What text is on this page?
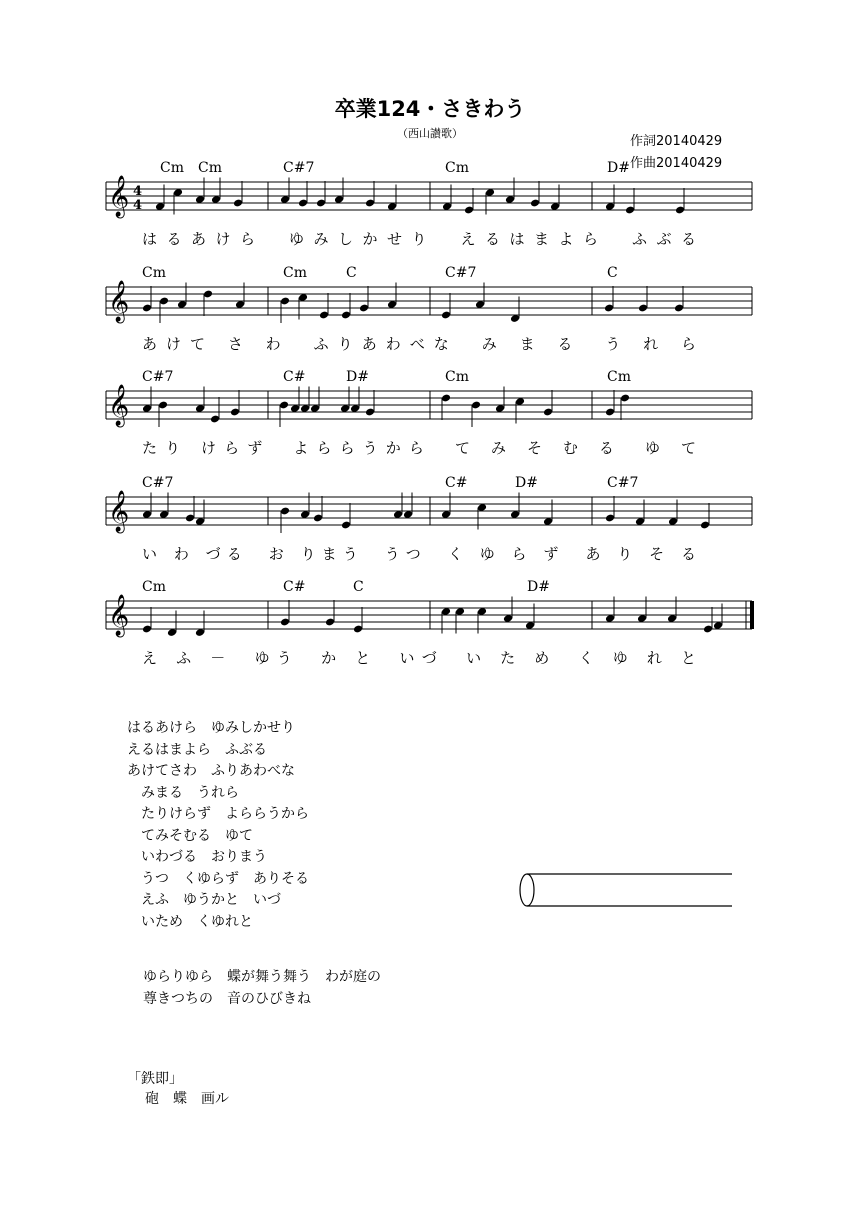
卒業124・さきわう
（西山讃歌）
作詞20140429
作曲20140429
𝄞 4
4
Cm Cm	C#7	Cm	D#
はるあけら　ゆみしかせり　えるはまよら　ふぶる
𝄞
Cm	Cm	C	C#7	C
あけて さ わ　ふりあわべな　み ま る　う れ ら
𝄞
C#7	C#	D#	Cm	Cm
たり けらず　よららうから　て み そ む る　ゆ て
𝄞
C#7	C#	D#	C#7
い わ づる　お りまう　うつ　く ゆ ら ず　あ り そ る
𝄞
Cm	C#	C	D#
え ふ －　ゆう　か と　いづ　い た め　く ゆ れ と
はるあけら　ゆみしかせり
えるはまよら　ふぶる
あけてさわ　ふりあわべな
　みまる　うれら
　たりけらず　よららうから
　てみそむる　ゆて
　いわづる　おりまう
　うつ　くゆらず　ありそる
　えふ　ゆうかと　いづ
　いため　くゆれと
ゆらりゆら　蝶が舞う舞う　わが庭の
尊きつちの　音のひびきね
「鉄即」
砲　蝶　画ル
